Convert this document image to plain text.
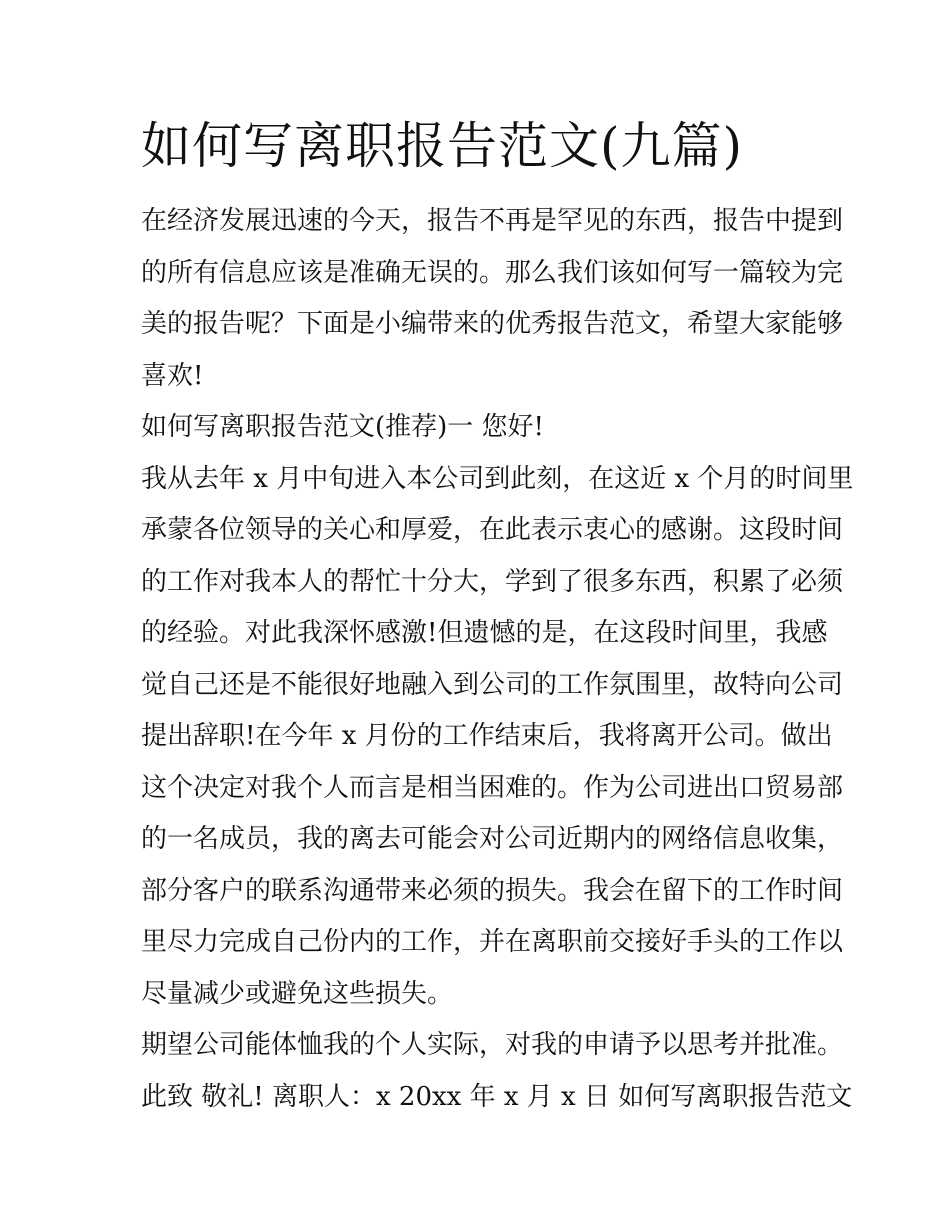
如何写离职报告范文(九篇)
在经济发展迅速的今天，报告不再是罕见的东西，报告中提到
的所有信息应该是准确无误的。那么我们该如何写一篇较为完
美的报告呢？下面是小编带来的优秀报告范文，希望大家能够
喜欢!
如何写离职报告范文(推荐)一 您好!
我从去年 x 月中旬进入本公司到此刻，在这近 x 个月的时间里
承蒙各位领导的关心和厚爱，在此表示衷心的感谢。这段时间
的工作对我本人的帮忙十分大，学到了很多东西，积累了必须
的经验。对此我深怀感激!但遗憾的是，在这段时间里，我感
觉自己还是不能很好地融入到公司的工作氛围里，故特向公司
提出辞职!在今年 x 月份的工作结束后，我将离开公司。做出
这个决定对我个人而言是相当困难的。作为公司进出口贸易部
的一名成员，我的离去可能会对公司近期内的网络信息收集，
部分客户的联系沟通带来必须的损失。我会在留下的工作时间
里尽力完成自己份内的工作，并在离职前交接好手头的工作以
尽量减少或避免这些损失。
期望公司能体恤我的个人实际，对我的申请予以思考并批准。
此致 敬礼! 离职人：x 20xx 年 x 月 x 日 如何写离职报告范文
